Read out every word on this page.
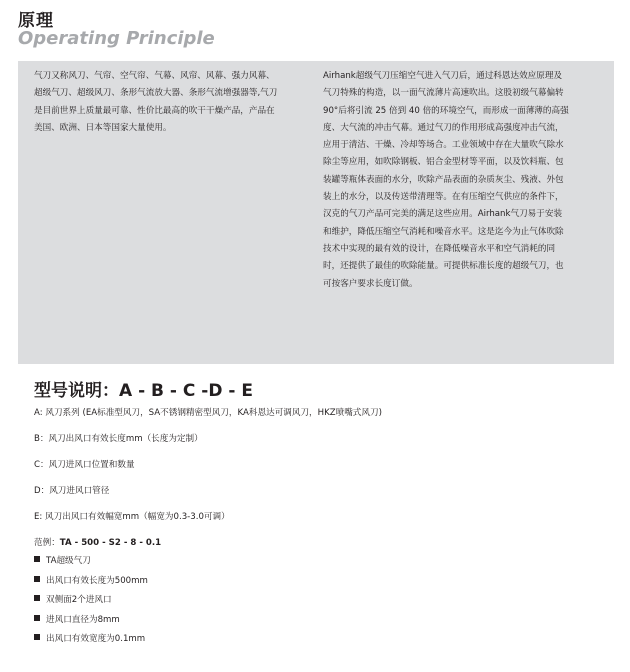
原理
Operating Principle
气刀又称风刀、气帘、空气帘、气幕、风帘、风幕、强力风幕、
超级气刀、超级风刀、条形气流放大器、条形气流增强器等,气刀
是目前世界上质量最可靠、性价比最高的吹干干燥产品，产品在
美国、欧洲、日本等国家大量使用。
Airhank超级气刀压缩空气进入气刀后，通过科恩达效应原理及
气刀特殊的构造，以一面气流薄片高速吹出。这股初级气幕偏转
90°后将引流 25 倍到 40 倍的环境空气，而形成一面薄薄的高强
度、大气流的冲击气幕。通过气刀的作用形成高强度冲击气流，
应用于清洁、干燥、冷却等场合。工业领域中存在大量吹气除水
除尘等应用，如吹除钢板、铝合金型材等平面，以及饮料瓶、包
装罐等瓶体表面的水分，吹除产品表面的杂质灰尘、残液、外包
装上的水分，以及传送带清理等。在有压缩空气供应的条件下，
汉克的气刀产品可完美的满足这些应用。Airhank气刀易于安装
和维护，降低压缩空气消耗和噪音水平。这是迄今为止气体吹除
技术中实现的最有效的设计，在降低噪音水平和空气消耗的同
时，还提供了最佳的吹除能量。可提供标准长度的超级气刀，也
可按客户要求长度订做。
型号说明：A - B - C -D - E
A: 风刀系列 (EA标准型风刀，SA不锈钢精密型风刀，KA科恩达可调风刀，HKZ喷嘴式风刀)
B：风刀出风口有效长度mm（长度为定制）
C：风刀进风口位置和数量
D：风刀进风口管径
E: 风刀出风口有效幅宽mm（幅宽为0.3-3.0可调）
范例：TA - 500 - S2 - 8 - 0.1
TA超级气刀
出风口有效长度为500mm
双侧面2个进风口
进风口直径为8mm
出风口有效宽度为0.1mm
